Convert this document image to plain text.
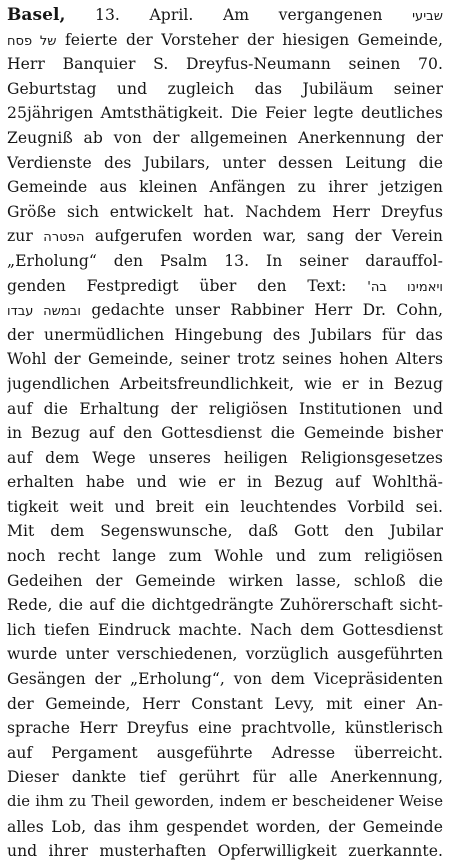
Basel, 13. April. Am vergangenen שביעי
של פסח feierte der Vorsteher der hiesigen Gemeinde,
Herr Banquier S. Dreyfus-Neumann seinen 70.
Geburtstag und zugleich das Jubiläum seiner
25jährigen Amtsthätigkeit. Die Feier legte deutliches
Zeugniß ab von der allgemeinen Anerkennung der
Verdienste des Jubilars, unter dessen Leitung die
Gemeinde aus kleinen Anfängen zu ihrer jetzigen
Größe sich entwickelt hat. Nachdem Herr Dreyfus
zur הפטרה aufgerufen worden war, sang der Verein
„Erholung“ den Psalm 13. In seiner darauffol-
genden Festpredigt über den Text: ויאמינו בה'
ובמשה עבדו gedachte unser Rabbiner Herr Dr. Cohn,
der unermüdlichen Hingebung des Jubilars für das
Wohl der Gemeinde, seiner trotz seines hohen Alters
jugendlichen Arbeitsfreundlichkeit, wie er in Bezug
auf die Erhaltung der religiösen Institutionen und
in Bezug auf den Gottesdienst die Gemeinde bisher
auf dem Wege unseres heiligen Religionsgesetzes
erhalten habe und wie er in Bezug auf Wohlthä-
tigkeit weit und breit ein leuchtendes Vorbild sei.
Mit dem Segenswunsche, daß Gott den Jubilar
noch recht lange zum Wohle und zum religiösen
Gedeihen der Gemeinde wirken lasse, schloß die
Rede, die auf die dichtgedrängte Zuhörerschaft sicht-
lich tiefen Eindruck machte. Nach dem Gottesdienst
wurde unter verschiedenen, vorzüglich ausgeführten
Gesängen der „Erholung“, von dem Vicepräsidenten
der Gemeinde, Herr Constant Levy, mit einer An-
sprache Herr Dreyfus eine prachtvolle, künstlerisch
auf Pergament ausgeführte Adresse überreicht.
Dieser dankte tief gerührt für alle Anerkennung,
die ihm zu Theil geworden, indem er bescheidener Weise
alles Lob, das ihm gespendet worden, der Gemeinde
und ihrer musterhaften Opferwilligkeit zuerkannte.
